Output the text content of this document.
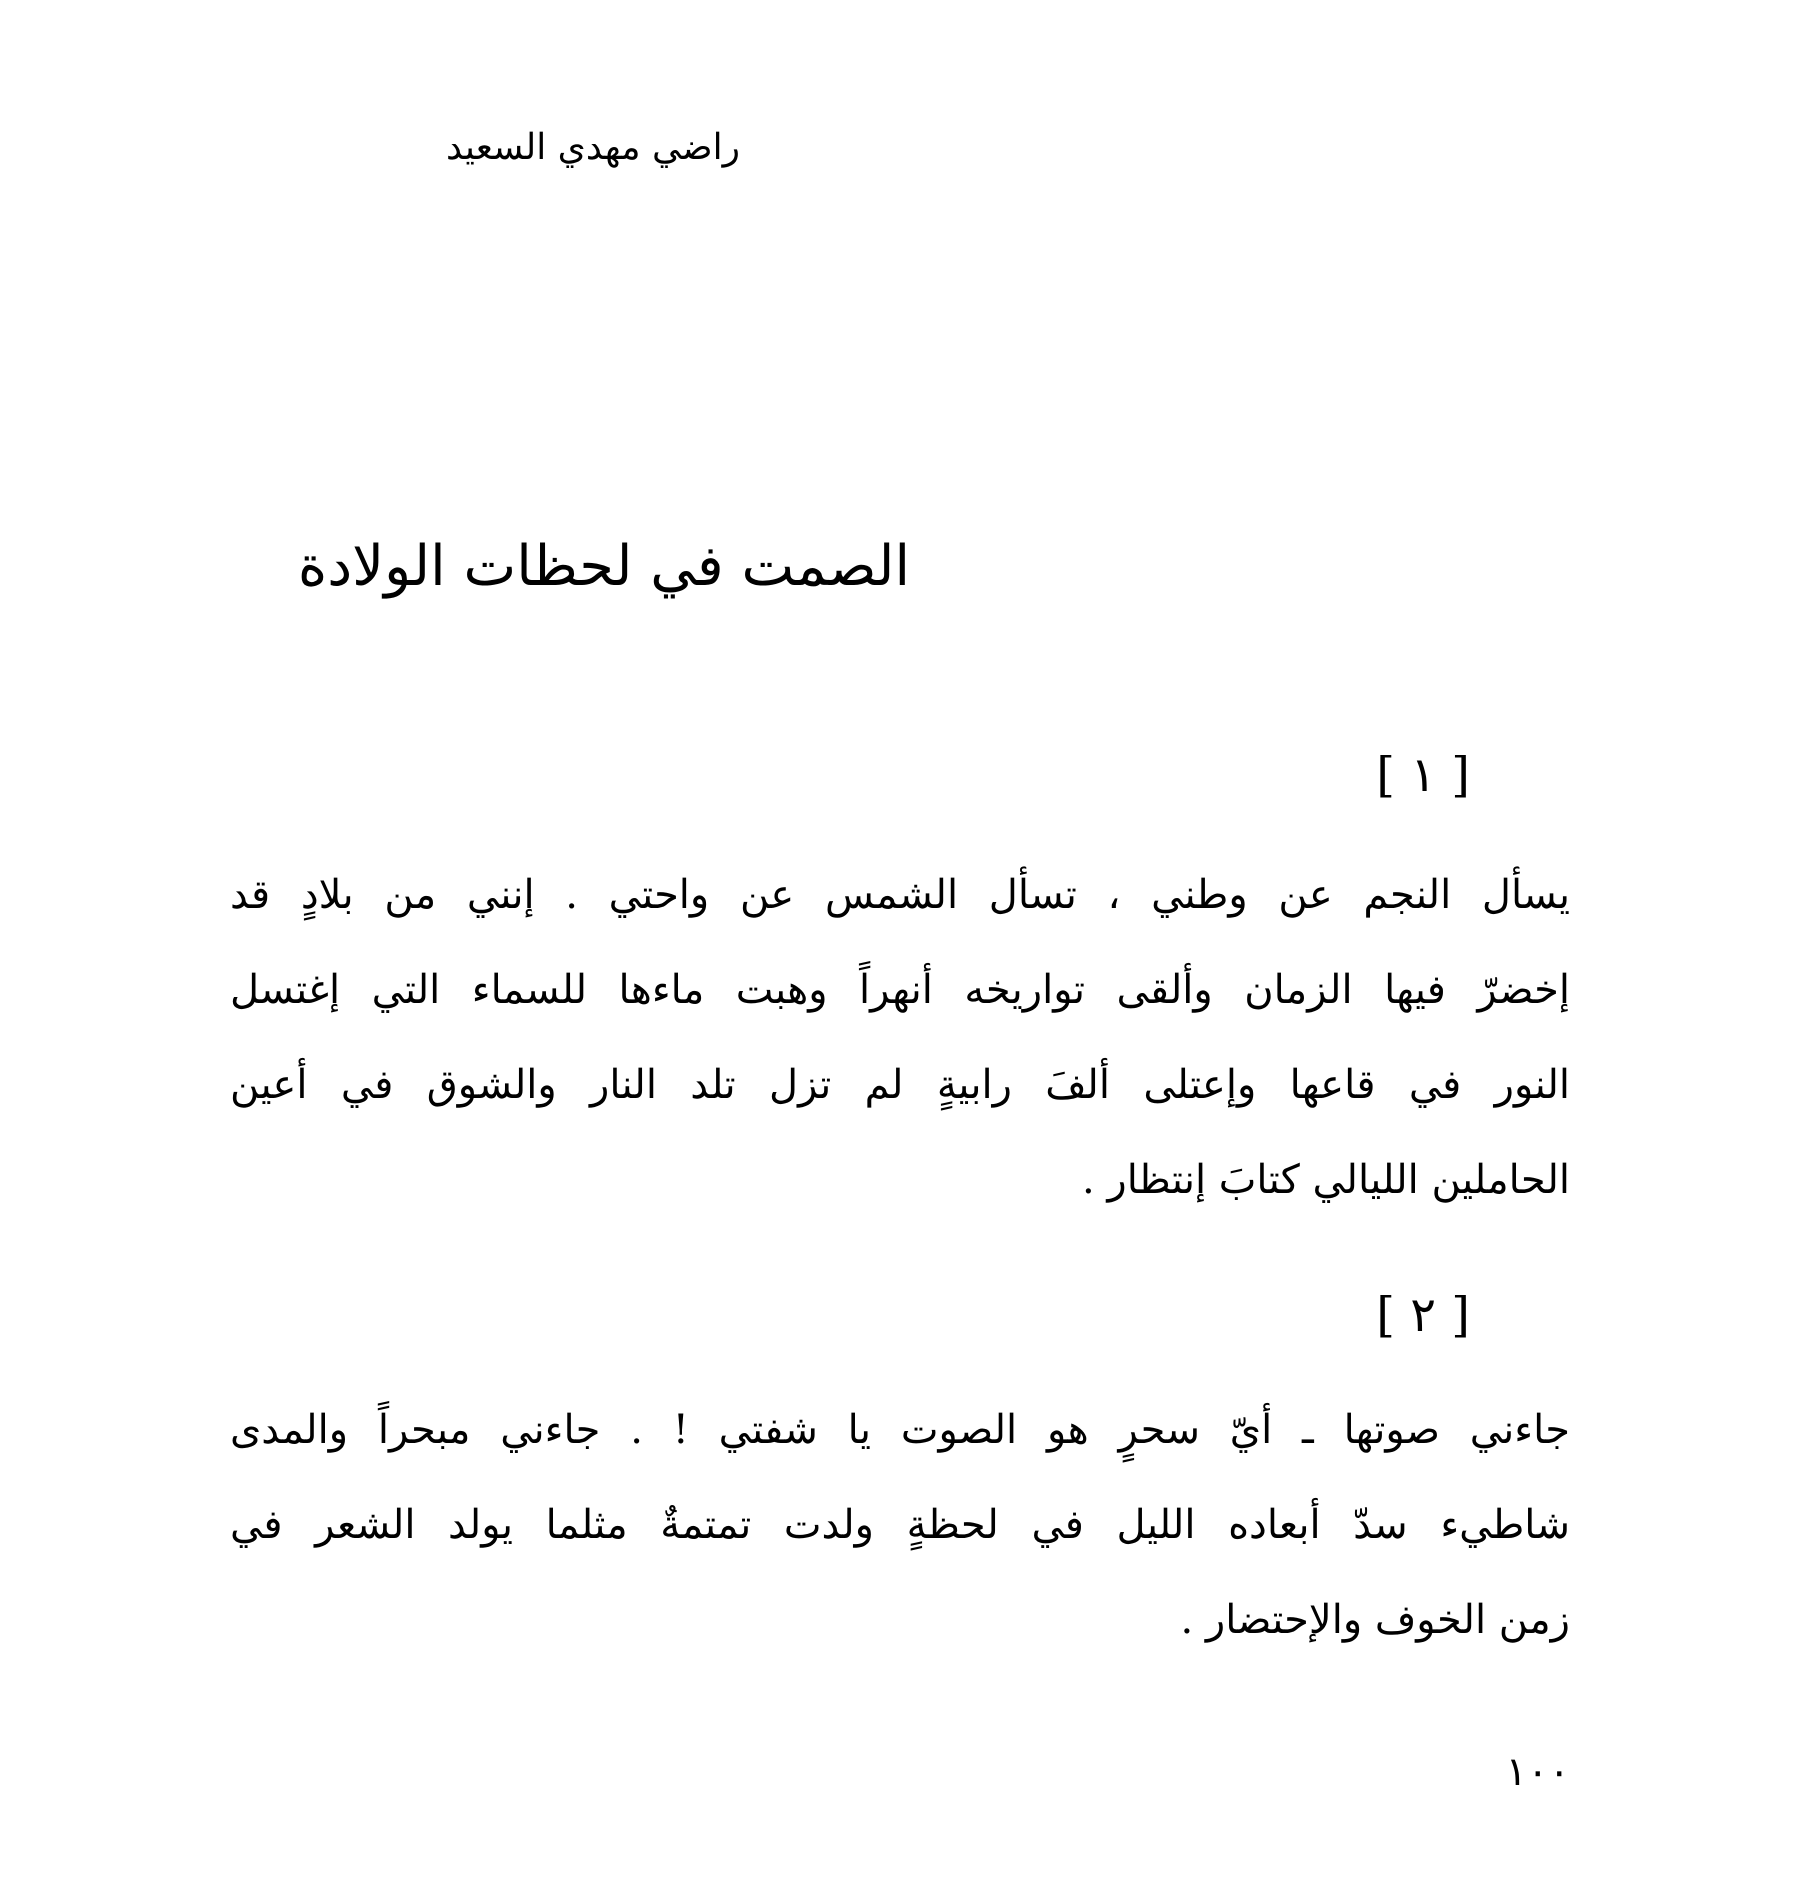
راضي مهدي السعيد
الصمت في لحظات الولادة
[ ١ ]
يسأل النجم عن وطني ، تسأل الشمس عن واحتي . إنني من بلادٍ قد
إخضرّ فيها الزمان وألقى تواريخه أنهراً وهبت ماءها للسماء التي إغتسل
النور في قاعها وإعتلى ألفَ رابيةٍ لم تزل تلد النار والشوق في أعين
الحاملين الليالي كتابَ إنتظار .
[ ٢ ]
جاءني صوتها ـ أيّ سحرٍ هو الصوت يا شفتي ! . جاءني مبحراً والمدى
شاطيء سدّ أبعاده الليل في لحظةٍ ولدت تمتمةٌ مثلما يولد الشعر في
زمن الخوف والإحتضار .
١٠٠
